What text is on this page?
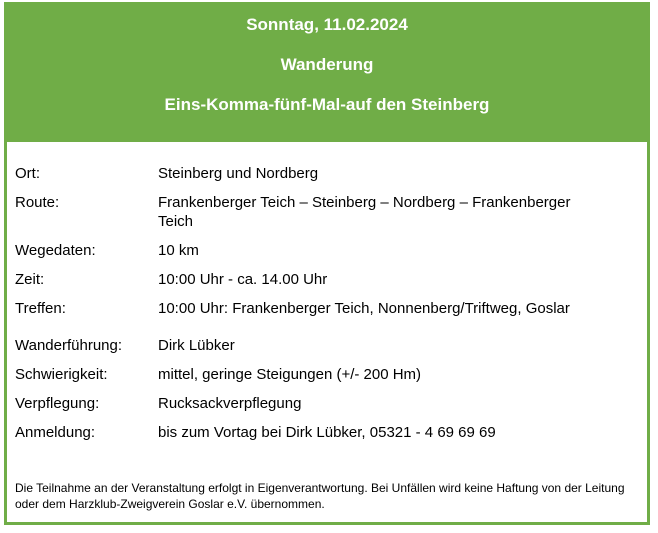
Sonntag, 11.02.2024
Wanderung
Eins-Komma-fünf-Mal-auf den Steinberg
Ort:	Steinberg und Nordberg
Route:	Frankenberger Teich – Steinberg – Nordberg – Frankenberger Teich
Wegedaten:	10 km
Zeit:	10:00 Uhr - ca. 14.00 Uhr
Treffen:	10:00 Uhr: Frankenberger Teich, Nonnenberg/Triftweg, Goslar
Wanderführung:	Dirk Lübker
Schwierigkeit:	mittel, geringe Steigungen (+/- 200 Hm)
Verpflegung:	Rucksackverpflegung
Anmeldung:	bis zum Vortag bei Dirk Lübker, 05321 - 4 69 69 69
Die Teilnahme an der Veranstaltung erfolgt in Eigenverantwortung. Bei Unfällen wird keine Haftung von der Leitung oder dem Harzklub-Zweigverein Goslar e.V. übernommen.
